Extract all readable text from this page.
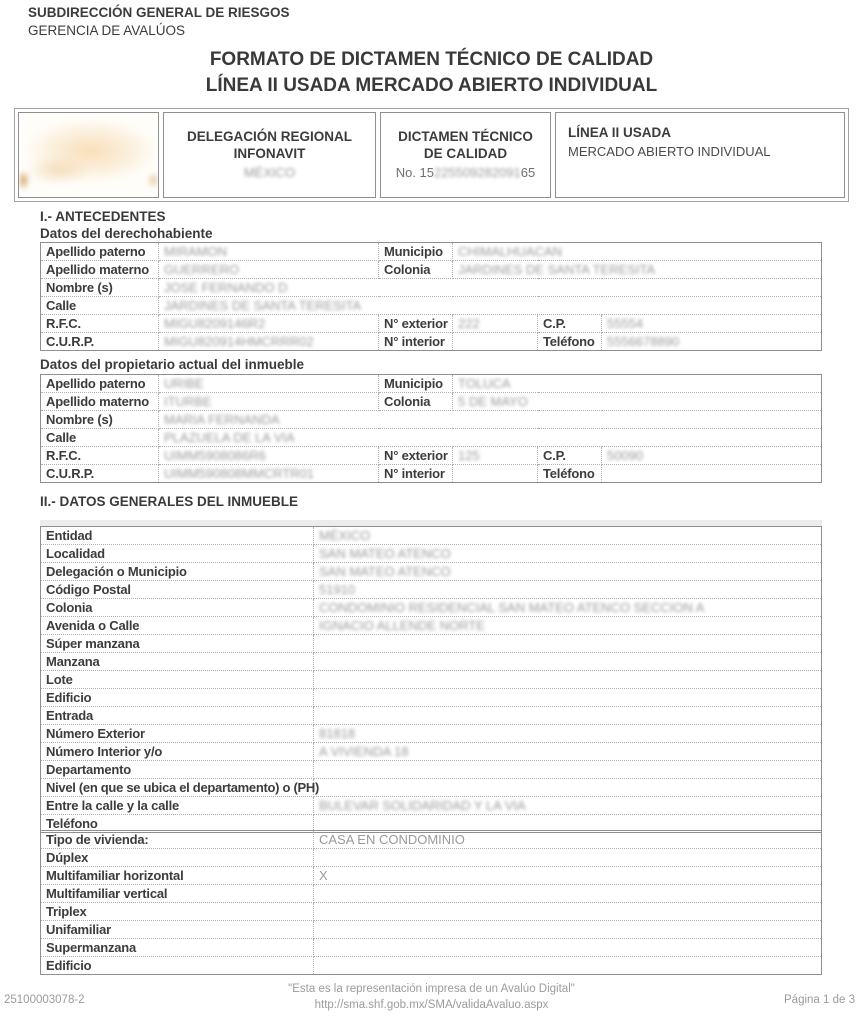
SUBDIRECCIÓN GENERAL DE RIESGOS
GERENCIA DE AVALÚOS
FORMATO DE DICTAMEN TÉCNICO DE CALIDAD
LÍNEA II USADA MERCADO ABIERTO INDIVIDUAL
DELEGACIÓN REGIONAL
INFONAVIT
MÉXICO
DICTAMEN TÉCNICO
DE CALIDAD
No. 1522550928209165
LÍNEA II USADA
MERCADO ABIERTO INDIVIDUAL
I.- ANTECEDENTES
Datos del derechohabiente
Apellido paterno	MIRAMON	Municipio	CHIMALHUACAN		
Apellido materno	GUERRERO	Colonia	JARDINES DE SANTA TERESITA		
Nombre (s)	JOSE FERNANDO D				
Calle	JARDINES DE SANTA TERESITA				
R.F.C.	MIGU8209146R2	N° exterior	222	C.P.	55554
C.U.R.P.	MIGU820914HMCRRR02	N° interior		Teléfono	5556678890
Datos del propietario actual del inmueble
Apellido paterno	URIBE	Municipio	TOLUCA		
Apellido materno	ITURBE	Colonia	5 DE MAYO		
Nombre (s)	MARIA FERNANDA				
Calle	PLAZUELA DE LA VIA				
R.F.C.	UIMM5908086R6	N° exterior	125	C.P.	50090
C.U.R.P.	UIMM590808MMCRTR01	N° interior		Teléfono	
II.- DATOS GENERALES DEL INMUEBLE
Entidad	MÉXICO
Localidad	SAN MATEO ATENCO
Delegación o Municipio	SAN MATEO ATENCO
Código Postal	51910
Colonia	CONDOMINIO RESIDENCIAL SAN MATEO ATENCO SECCION A
Avenida o Calle	IGNACIO ALLENDE NORTE
Súper manzana	
Manzana	
Lote	
Edificio	
Entrada	
Número Exterior	81818
Número Interior y/o	A VIVIENDA 18
Departamento	
Nivel (en que se ubica el departamento) o (PH)	
Entre la calle y la calle	BULEVAR SOLIDARIDAD Y LA VIA
Teléfono	
Tipo de vivienda:	CASA EN CONDOMINIO
Dúplex	
Multifamiliar horizontal	X
Multifamiliar vertical	
Triplex	
Unifamiliar	
Supermanzana	
Edificio	
25100003078-2
"Esta es la representación impresa de un Avalúo Digital"
http://sma.shf.gob.mx/SMA/validaAvaluo.aspx	Página 1 de 3
